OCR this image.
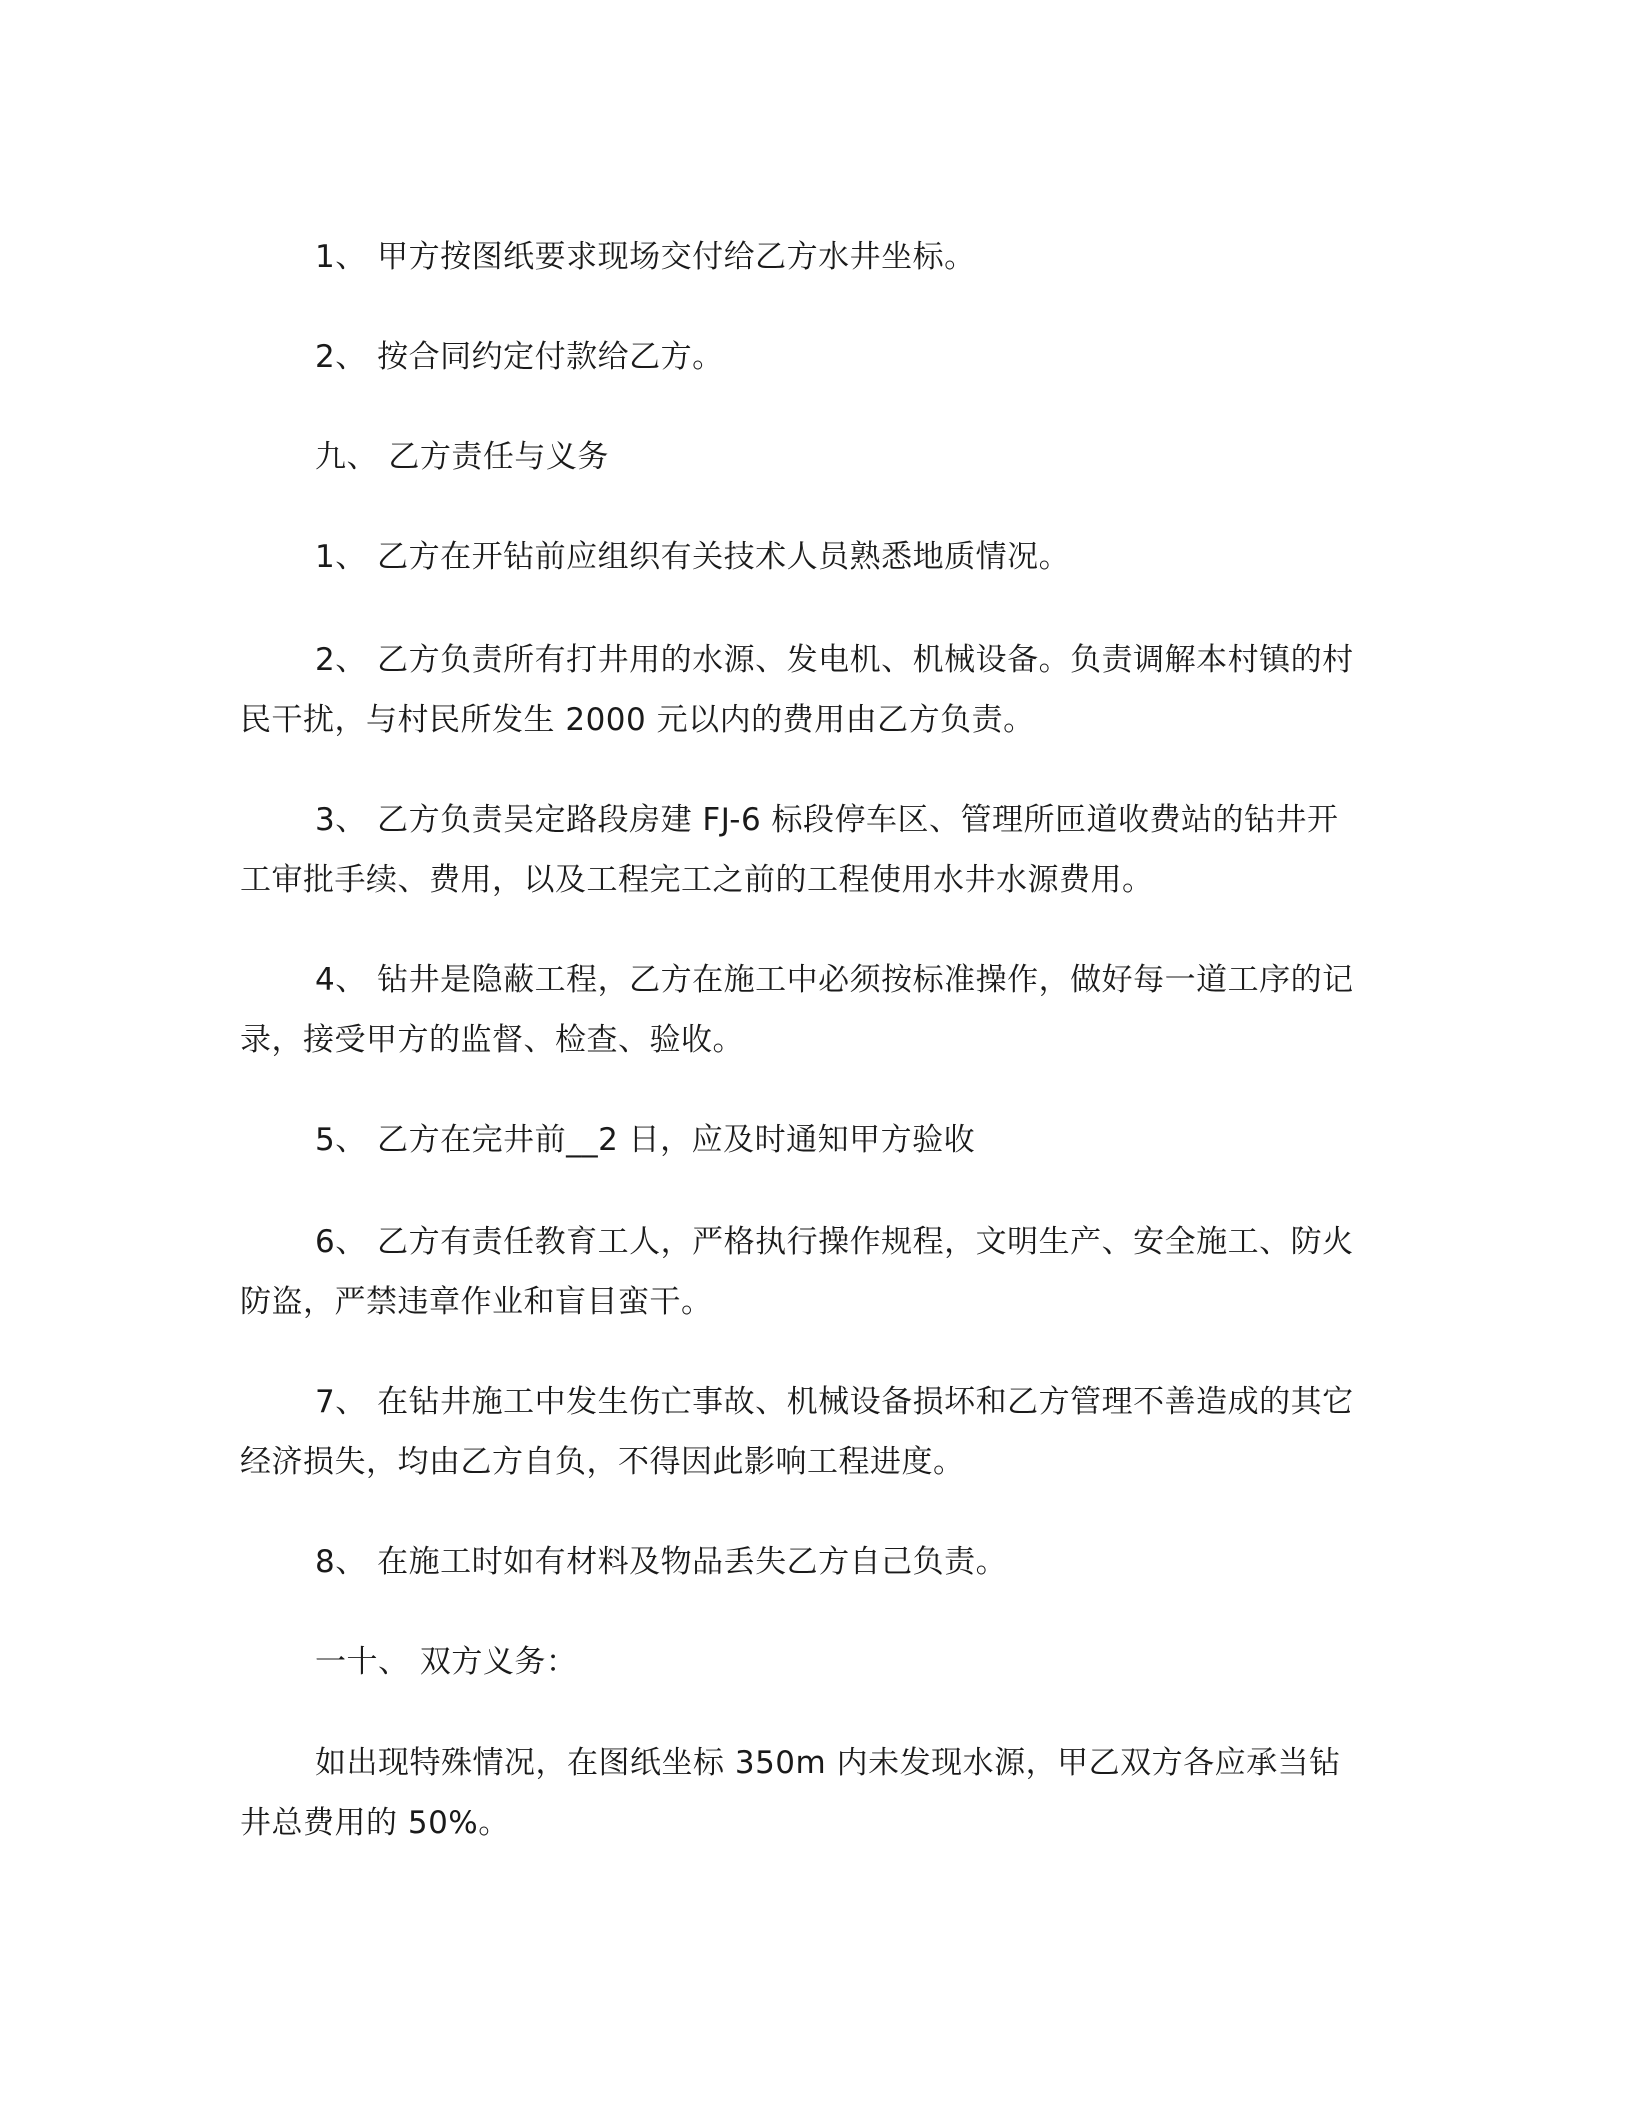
1、 甲方按图纸要求现场交付给乙方水井坐标。

2、 按合同约定付款给乙方。

九、 乙方责任与义务

1、 乙方在开钻前应组织有关技术人员熟悉地质情况。

2、 乙方负责所有打井用的水源、发电机、机械设备。负责调解本村镇的村民干扰，与村民所发生 2000 元以内的费用由乙方负责。

3、 乙方负责吴定路段房建 FJ-6 标段停车区、管理所匝道收费站的钻井开工审批手续、费用，以及工程完工之前的工程使用水井水源费用。

4、 钻井是隐蔽工程，乙方在施工中必须按标准操作，做好每一道工序的记录，接受甲方的监督、检查、验收。

5、 乙方在完井前__2 日，应及时通知甲方验收

6、 乙方有责任教育工人，严格执行操作规程，文明生产、安全施工、防火防盗，严禁违章作业和盲目蛮干。

7、 在钻井施工中发生伤亡事故、机械设备损坏和乙方管理不善造成的其它经济损失，均由乙方自负，不得因此影响工程进度。

8、 在施工时如有材料及物品丢失乙方自己负责。

一十、 双方义务：

如出现特殊情况，在图纸坐标 350m 内未发现水源，甲乙双方各应承当钻井总费用的 50%。
